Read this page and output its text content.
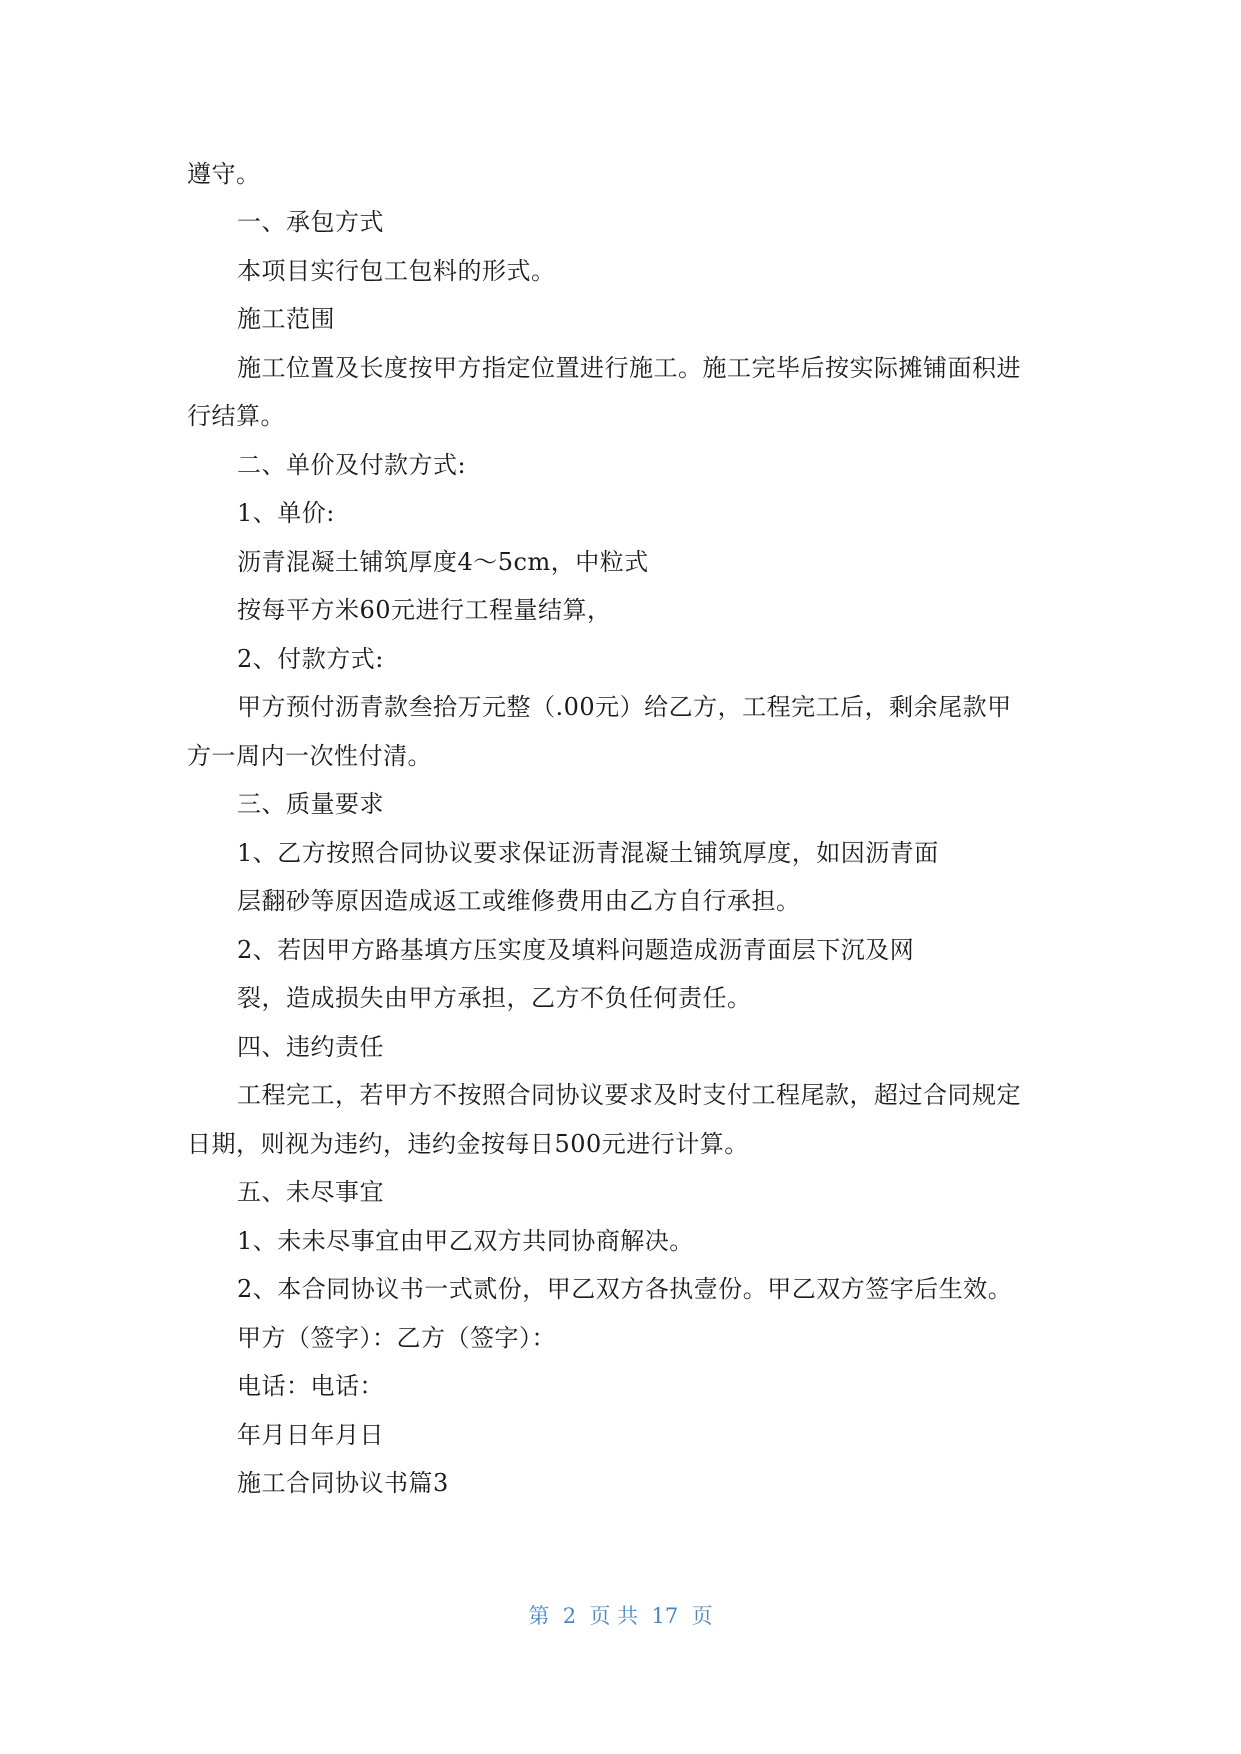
遵守。
一、承包方式
本项目实行包工包料的形式。
施工范围
施工位置及长度按甲方指定位置进行施工。施工完毕后按实际摊铺面积进
行结算。
二、单价及付款方式:
1、单价:
沥青混凝土铺筑厚度4～5cm，中粒式
按每平方米60元进行工程量结算，
2、付款方式:
甲方预付沥青款叁拾万元整（.00元）给乙方，工程完工后，剩余尾款甲
方一周内一次性付清。
三、质量要求
1、乙方按照合同协议要求保证沥青混凝土铺筑厚度，如因沥青面
层翻砂等原因造成返工或维修费用由乙方自行承担。
2、若因甲方路基填方压实度及填料问题造成沥青面层下沉及网
裂，造成损失由甲方承担，乙方不负任何责任。
四、违约责任
工程完工，若甲方不按照合同协议要求及时支付工程尾款，超过合同规定
日期，则视为违约，违约金按每日500元进行计算。
五、未尽事宜
1、未未尽事宜由甲乙双方共同协商解决。
2、本合同协议书一式贰份，甲乙双方各执壹份。甲乙双方签字后生效。
甲方（签字）：乙方（签字）：
电话：电话：
年月日年月日
施工合同协议书篇3
第  2  页 共  17  页
